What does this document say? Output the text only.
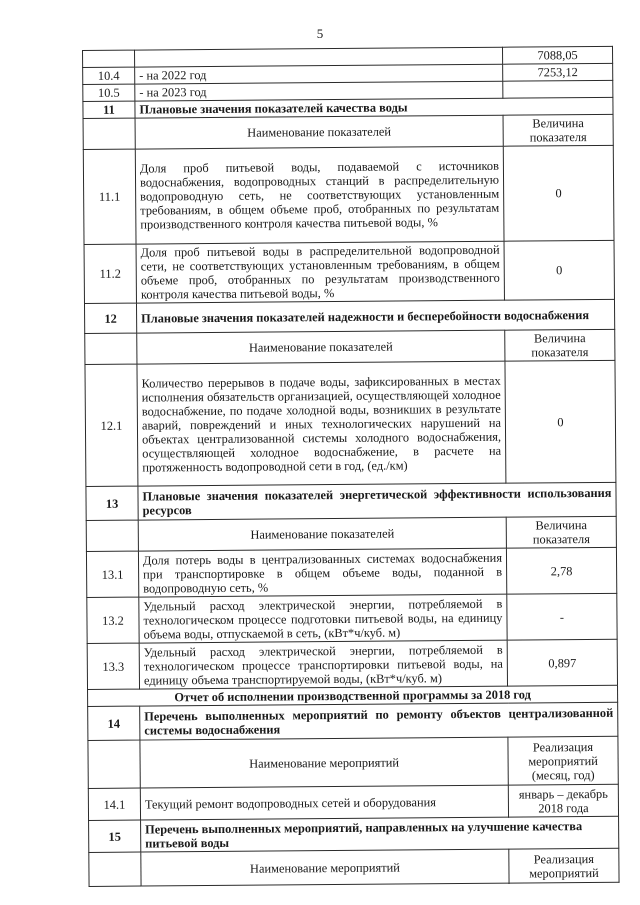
5
		7088,05
10.4	- на 2022 год	7253,12
10.5	- на 2023 год	
11	Плановые значения показателей качества воды	
	Наименование показателей	Величина показателя
11.1	Доля проб питьевой воды, подаваемой с источников водоснабжения, водопроводных станций в распределительную водопроводную сеть, не соответствующих установленным требованиям, в общем объеме проб, отобранных по результатам производственного контроля качества питьевой воды, %	0
11.2	Доля проб питьевой воды в распределительной водопроводной сети, не соответствующих установленным требованиям, в общем объеме проб, отобранных по результатам производственного контроля качества питьевой воды, %	0
12	Плановые значения показателей надежности и бесперебойности водоснабжения	
	Наименование показателей	Величина показателя
12.1	Количество перерывов в подаче воды, зафиксированных в местах исполнения обязательств организацией, осуществляющей холодное водоснабжение, по подаче холодной воды, возникших в результате аварий, повреждений и иных технологических нарушений на объектах централизованной системы холодного водоснабжения, осуществляющей холодное водоснабжение, в расчете на протяженность водопроводной сети в год, (ед./км)	0
13	Плановые значения показателей энергетической эффективности использования ресурсов	
	Наименование показателей	Величина показателя
13.1	Доля потерь воды в централизованных системах водоснабжения при транспортировке в общем объеме воды, поданной в водопроводную сеть, %	2,78
13.2	Удельный расход электрической энергии, потребляемой в технологическом процессе подготовки питьевой воды, на единицу объема воды, отпускаемой в сеть, (кВт*ч/куб. м)	-
13.3	Удельный расход электрической энергии, потребляемой в технологическом процессе транспортировки питьевой воды, на единицу объема транспортируемой воды, (кВт*ч/куб. м)	0,897
Отчет об исполнении производственной программы за 2018 год		
14	Перечень выполненных мероприятий по ремонту объектов централизованной системы водоснабжения	
	Наименование мероприятий	Реализация мероприятий (месяц, год)
14.1	Текущий ремонт водопроводных сетей и оборудования	январь – декабрь 2018 года
15	Перечень выполненных мероприятий, направленных на улучшение качества питьевой воды	
	Наименование мероприятий	Реализация мероприятий
